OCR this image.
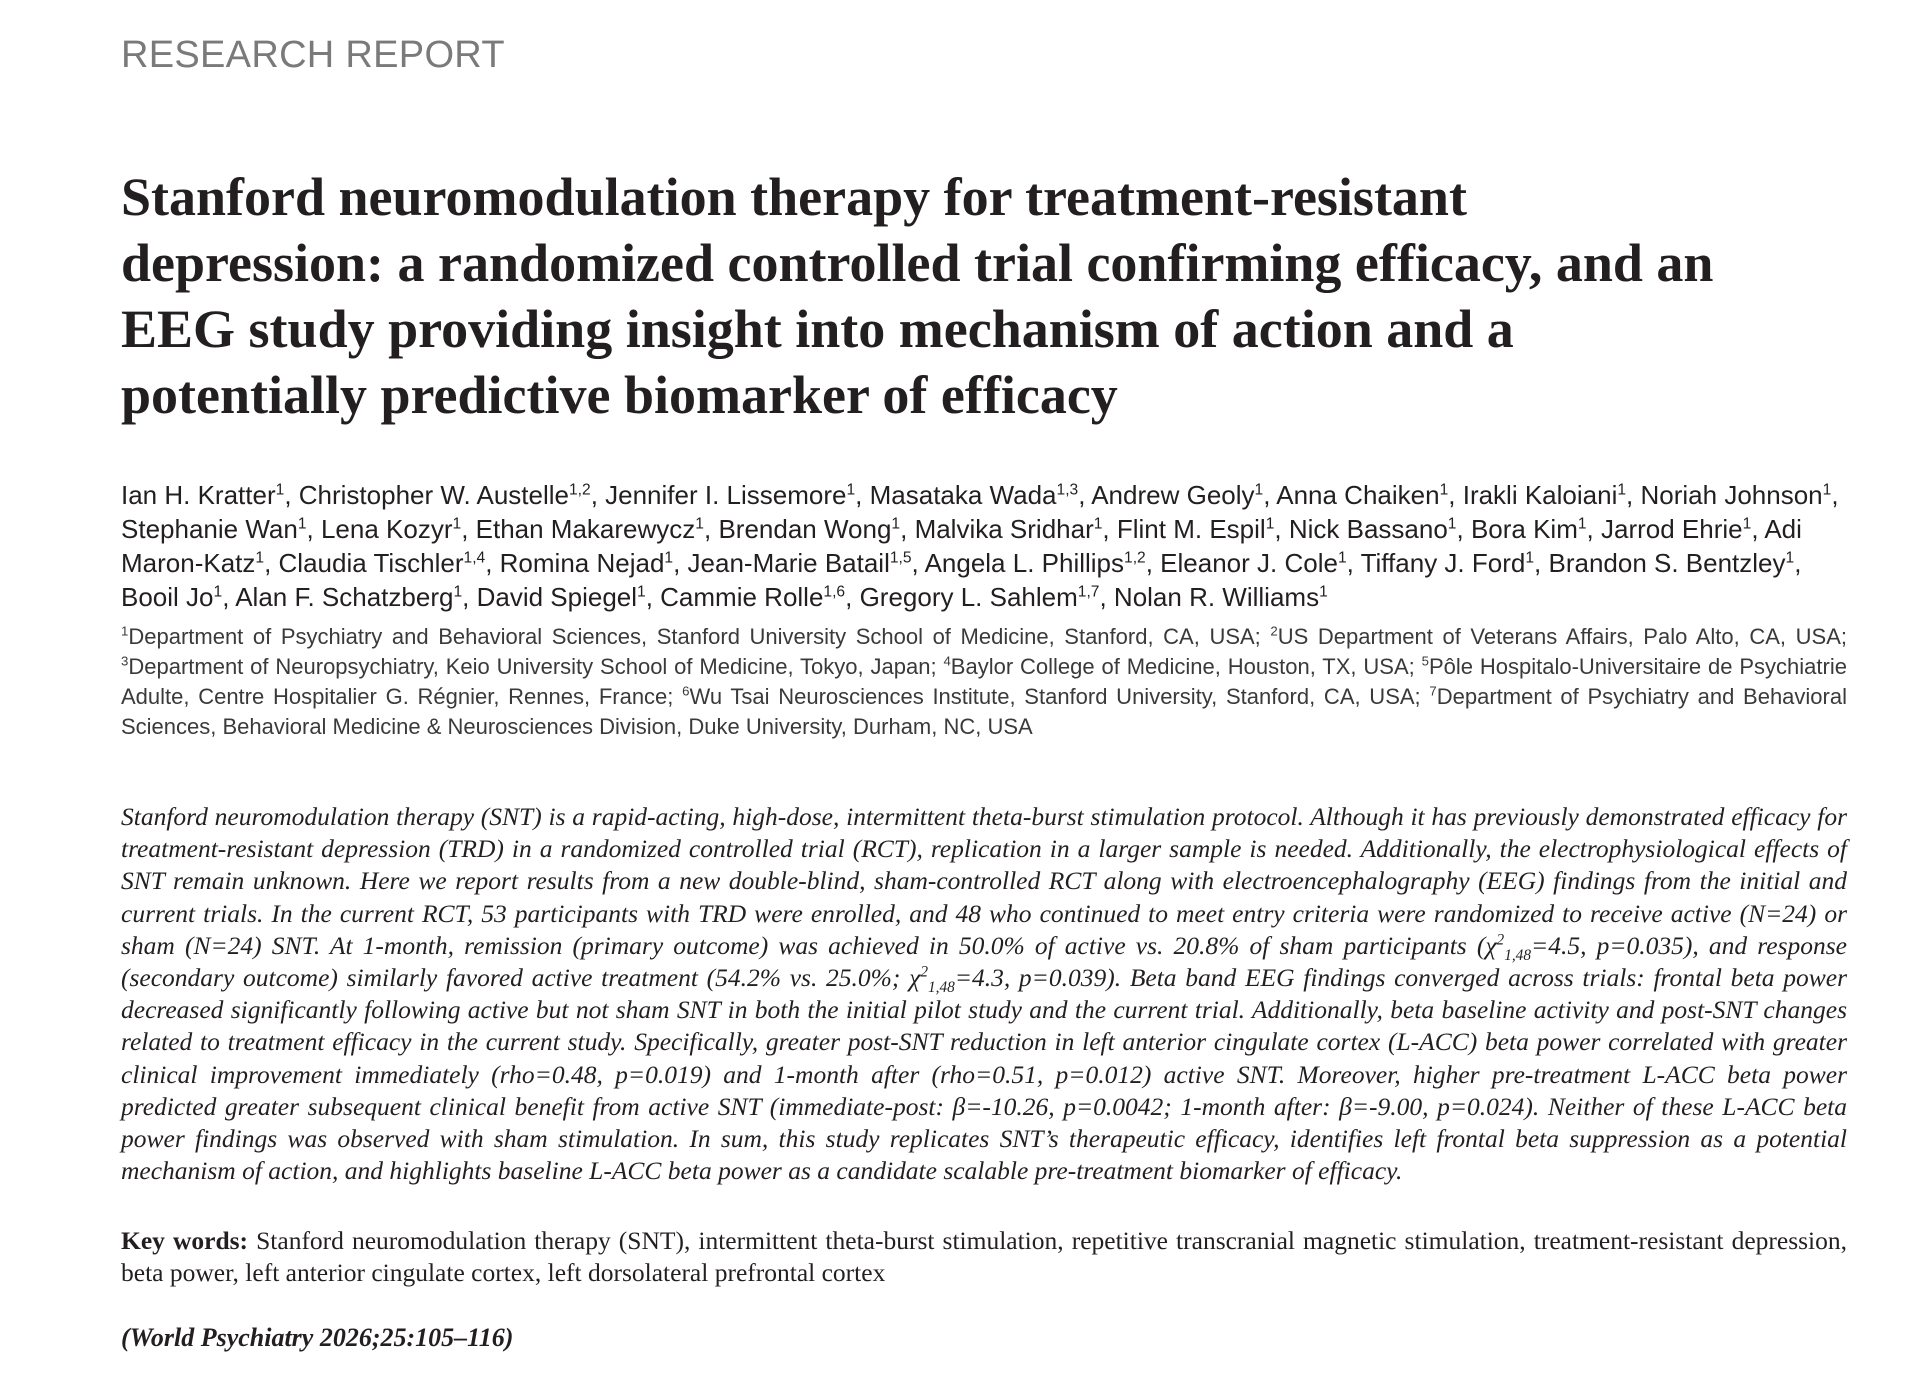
RESEARCH REPORT
Stanford neuromodulation therapy for treatment-resistant depression: a randomized controlled trial confirming efficacy, and an EEG study providing insight into mechanism of action and a potentially predictive biomarker of efficacy
Ian H. Kratter$^1$, Christopher W. Austelle$^{1,2}$, Jennifer I. Lissemore$^1$, Masataka Wada$^{1,3}$, Andrew Geoly$^1$, Anna Chaiken$^1$, Irakli Kaloiani$^1$, Noriah Johnson$^1$, Stephanie Wan$^1$, Lena Kozyr$^1$, Ethan Makarewycz$^1$, Brendan Wong$^1$, Malvika Sridhar$^1$, Flint M. Espil$^1$, Nick Bassano$^1$, Bora Kim$^1$, Jarrod Ehrie$^1$, Adi Maron-Katz$^1$, Claudia Tischler$^{1,4}$, Romina Nejad$^1$, Jean-Marie Batail$^{1,5}$, Angela L. Phillips$^{1,2}$, Eleanor J. Cole$^1$, Tiffany J. Ford$^1$, Brandon S. Bentzley$^1$, Booil Jo$^1$, Alan F. Schatzberg$^1$, David Spiegel$^1$, Cammie Rolle$^{1,6}$, Gregory L. Sahlem$^{1,7}$, Nolan R. Williams$^1$
$^1$Department of Psychiatry and Behavioral Sciences, Stanford University School of Medicine, Stanford, CA, USA; $^2$US Department of Veterans Affairs, Palo Alto, CA, USA; $^3$Department of Neuropsychiatry, Keio University School of Medicine, Tokyo, Japan; $^4$Baylor College of Medicine, Houston, TX, USA; $^5$Pôle Hospitalo-Universitaire de Psychiatrie Adulte, Centre Hospitalier G. Régnier, Rennes, France; $^6$Wu Tsai Neurosciences Institute, Stanford University, Stanford, CA, USA; $^7$Department of Psychiatry and Behavioral Sciences, Behavioral Medicine & Neurosciences Division, Duke University, Durham, NC, USA
Stanford neuromodulation therapy (SNT) is a rapid-acting, high-dose, intermittent theta-burst stimulation protocol. Although it has previously demonstrated efficacy for treatment-resistant depression (TRD) in a randomized controlled trial (RCT), replication in a larger sample is needed. Additionally, the electrophysiological effects of SNT remain unknown. Here we report results from a new double-blind, sham-controlled RCT along with electroencephalography (EEG) findings from the initial and current trials. In the current RCT, 53 participants with TRD were enrolled, and 48 who continued to meet entry criteria were randomized to receive active (N=24) or sham (N=24) SNT. At 1-month, remission (primary outcome) was achieved in 50.0% of active vs. 20.8% of sham participants ($\chi^2_{1,48}=4.5$, p=0.035), and response (secondary outcome) similarly favored active treatment (54.2% vs. 25.0%; $\chi^2_{1,48}=4.3$, p=0.039). Beta band EEG findings converged across trials: frontal beta power decreased significantly following active but not sham SNT in both the initial pilot study and the current trial. Additionally, beta baseline activity and post-SNT changes related to treatment efficacy in the current study. Specifically, greater post-SNT reduction in left anterior cingulate cortex (L-ACC) beta power correlated with greater clinical improvement immediately (rho=0.48, p=0.019) and 1-month after (rho=0.51, p=0.012) active SNT. Moreover, higher pre-treatment L-ACC beta power predicted greater subsequent clinical benefit from active SNT (immediate-post: β=-10.26, p=0.0042; 1-month after: β=-9.00, p=0.024). Neither of these L-ACC beta power findings was observed with sham stimulation. In sum, this study replicates SNT’s therapeutic efficacy, identifies left frontal beta suppression as a potential mechanism of action, and highlights baseline L-ACC beta power as a candidate scalable pre-treatment biomarker of efficacy.
Key words: Stanford neuromodulation therapy (SNT), intermittent theta-burst stimulation, repetitive transcranial magnetic stimulation, treatment-resistant depression, beta power, left anterior cingulate cortex, left dorsolateral prefrontal cortex
(World Psychiatry 2026;25:105–116)
